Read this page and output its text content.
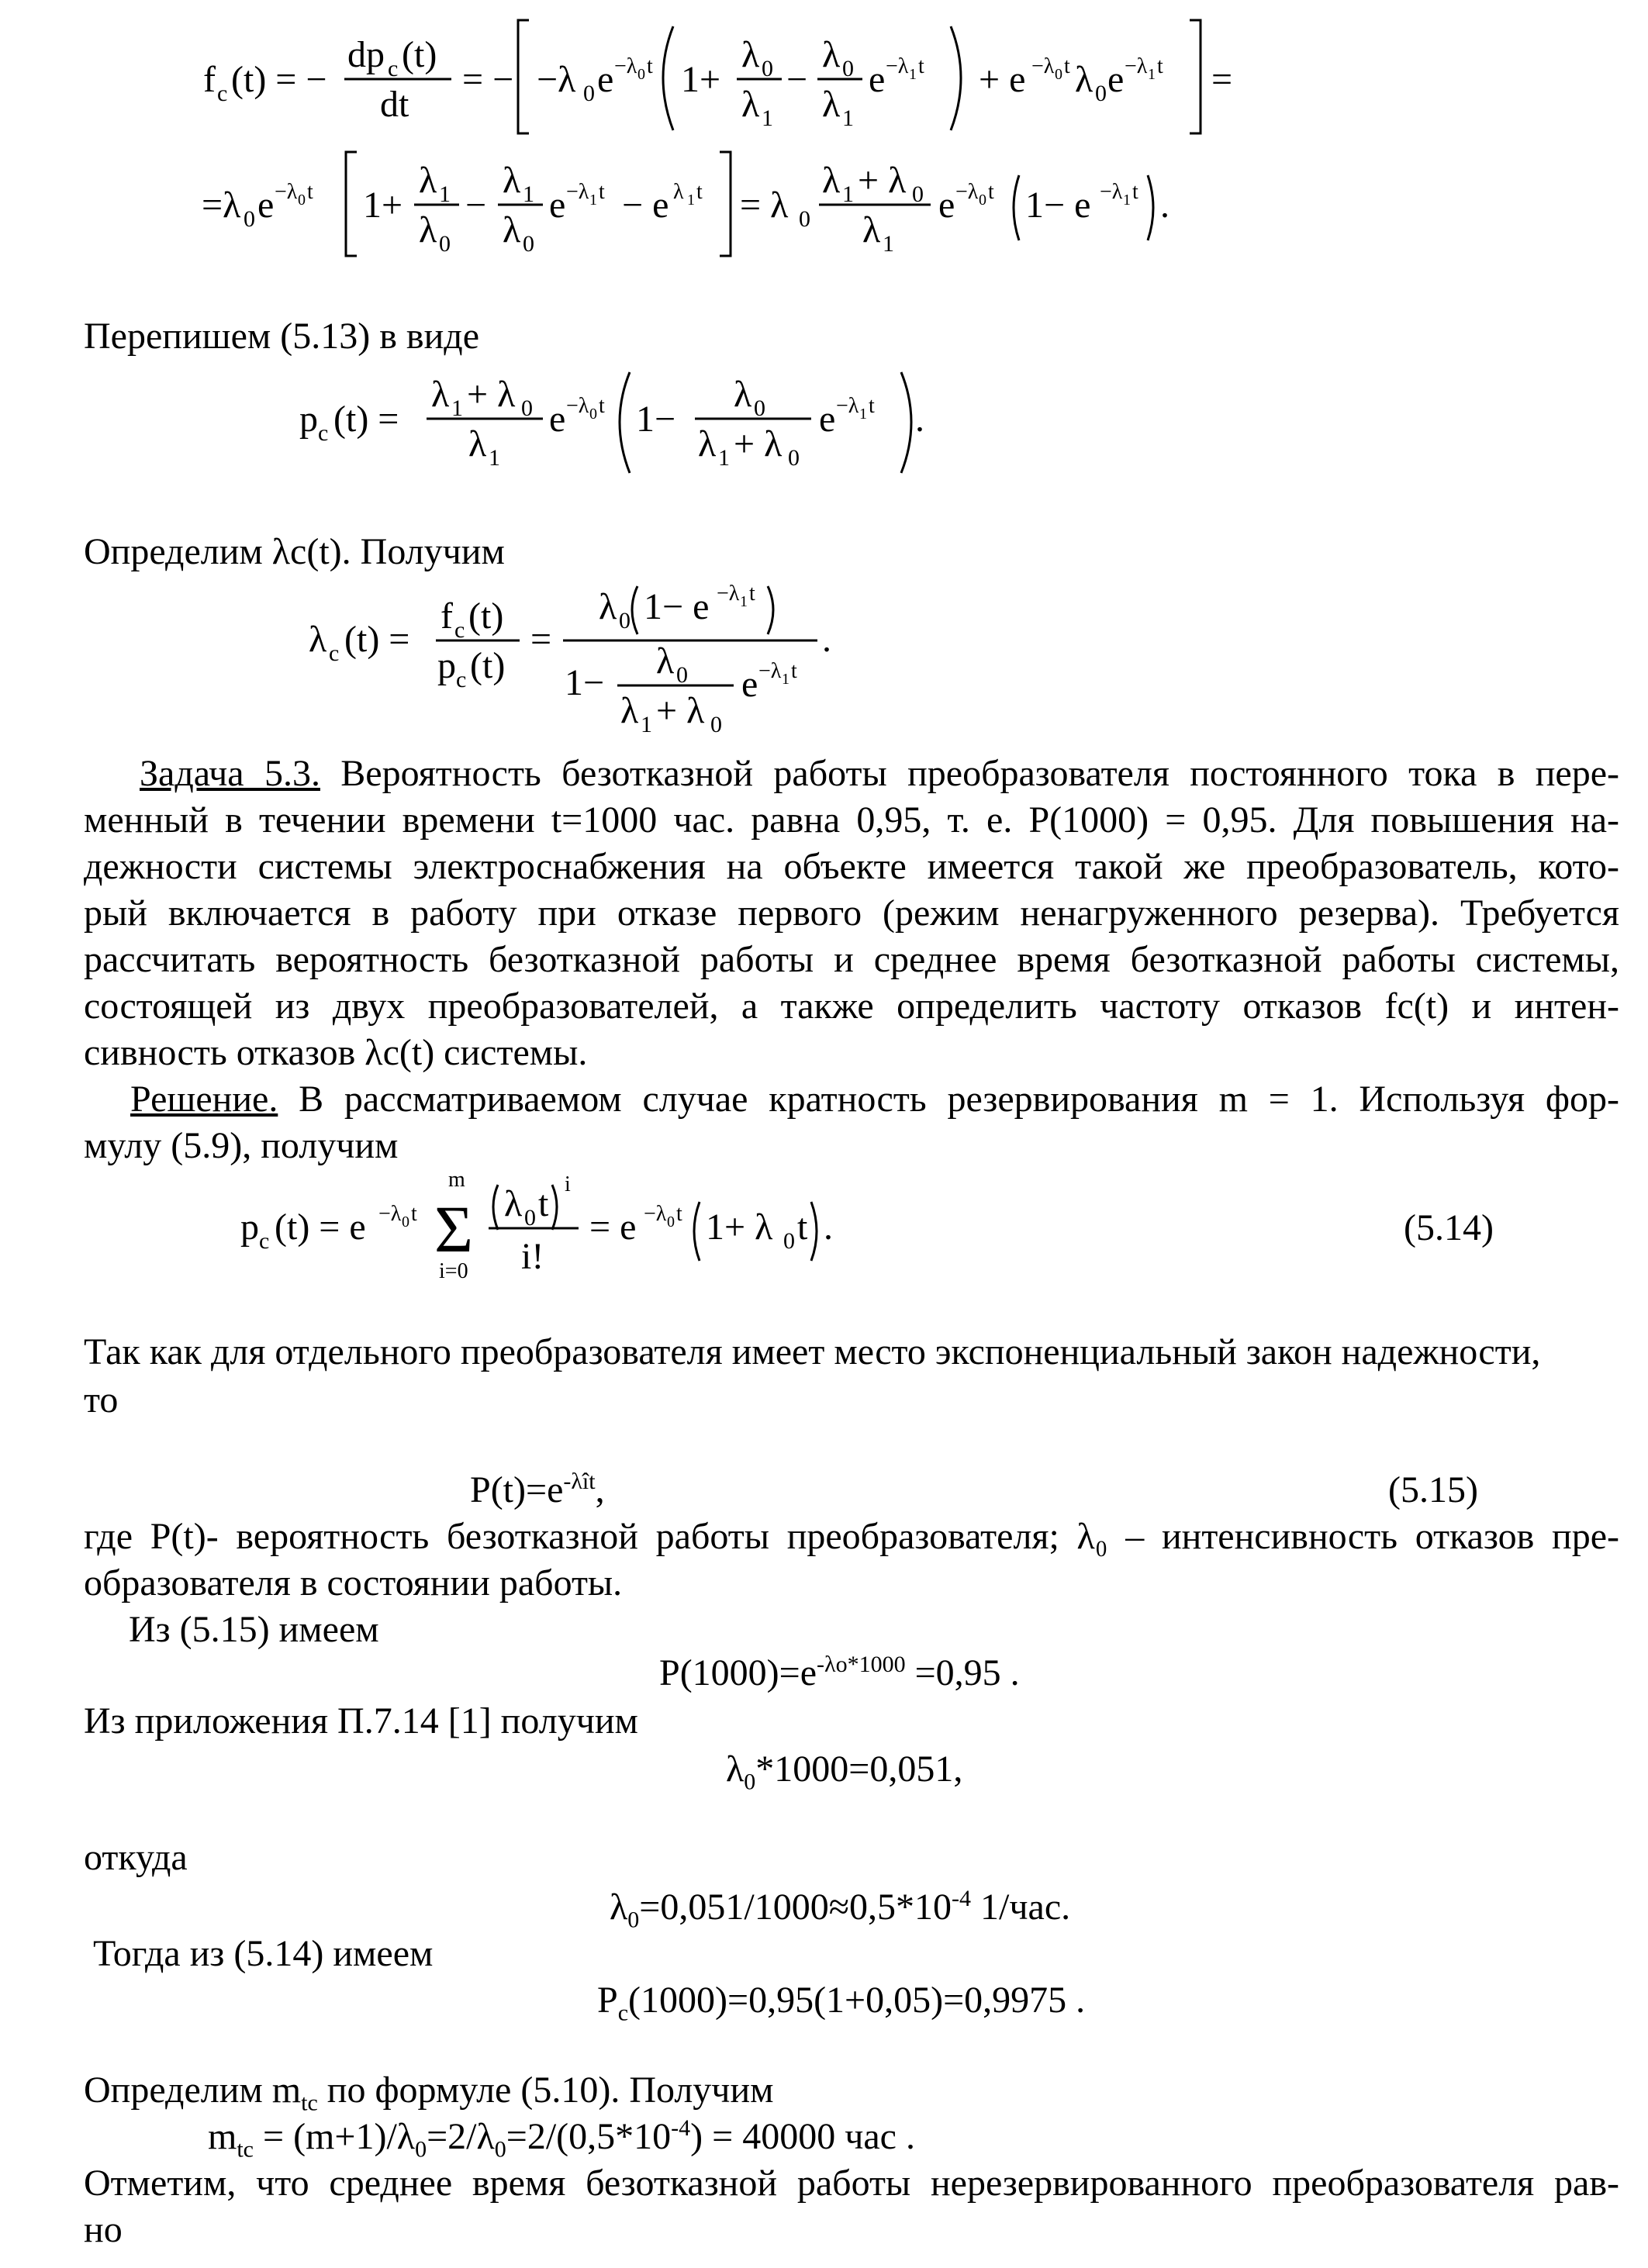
f c (t) = −
dp c (t)
dt
= − −λ 0 e −λ 0 t 1+
λ 0
λ 1
−
λ 0
λ 1
e −λ 1 t + e −λ 0 t λ 0 e −λ 1 t =
=λ 0 e −λ 0 t 1+
λ 1
λ 0
−
λ 1
λ 0
e −λ 1 t − e λ 1 t = λ 0
λ 1 + λ 0
λ 1
e −λ 0 t 1− e −λ 1 t .
Перепишем (5.13) в виде
p c (t) =
λ 1 + λ 0
λ 1
e −λ 0 t 1−
λ 0
λ 1 + λ 0
e −λ 1 t .
Определим λc(t). Получим
λ c (t) =
f c (t)
p c (t)
=
λ 0 1− e −λ 1 t
1−
λ 0
λ 1 + λ 0
e −λ 1 t
.
Задача 5.3. Вероятность безотказной работы преобразователя постоянного тока в пере-
менный в течении времени t=1000 час. равна 0,95, т. е. P(1000) = 0,95. Для повышения на-
дежности системы электроснабжения на объекте имеется такой же преобразователь, кото-
рый включается в работу при отказе первого (режим ненагруженного резерва). Требуется
рассчитать вероятность безотказной работы и среднее время безотказной работы системы,
состоящей из двух преобразователей, а также определить частоту отказов fc(t) и интен-
сивность отказов λc(t) системы.
Решение. В рассматриваемом случае кратность резервирования m = 1. Используя фор-
мулу (5.9), получим
p c (t) = e −λ 0 t
m
Σ
i=0
λ 0 t i
i!
= e −λ 0 t 1+ λ 0 t .	(5.14)
Так как для отдельного преобразователя имеет место экспоненциальный закон надежности,
то
$P(t)=e^{-\lambda ît}$,	(5.15)
где P(t)- вероятность безотказной работы преобразователя; λ₀ – интенсивность отказов пре-
образователя в состоянии работы.
Из (5.15) имеем
$P(1000)=e^{-\lambda o*1000} =0,95$ .
Из приложения П.7.14 [1] получим
$\lambda_0*1000=0,051$,
откуда
$\lambda_0=0,051/1000\approx 0,5*10^{-4}$ 1/час.
Тогда из (5.14) имеем
$P_c(1000)=0,95(1+0,05)=0,9975$ .
Определим $m_{tc}$ по формуле (5.10). Получим
$m_{tc} = (m+1)/\lambda_0=2/\lambda_0=2/(0,5*10^{-4}) = 40000$ час .
Отметим, что среднее время безотказной работы нерезервированного преобразователя рав-
но
